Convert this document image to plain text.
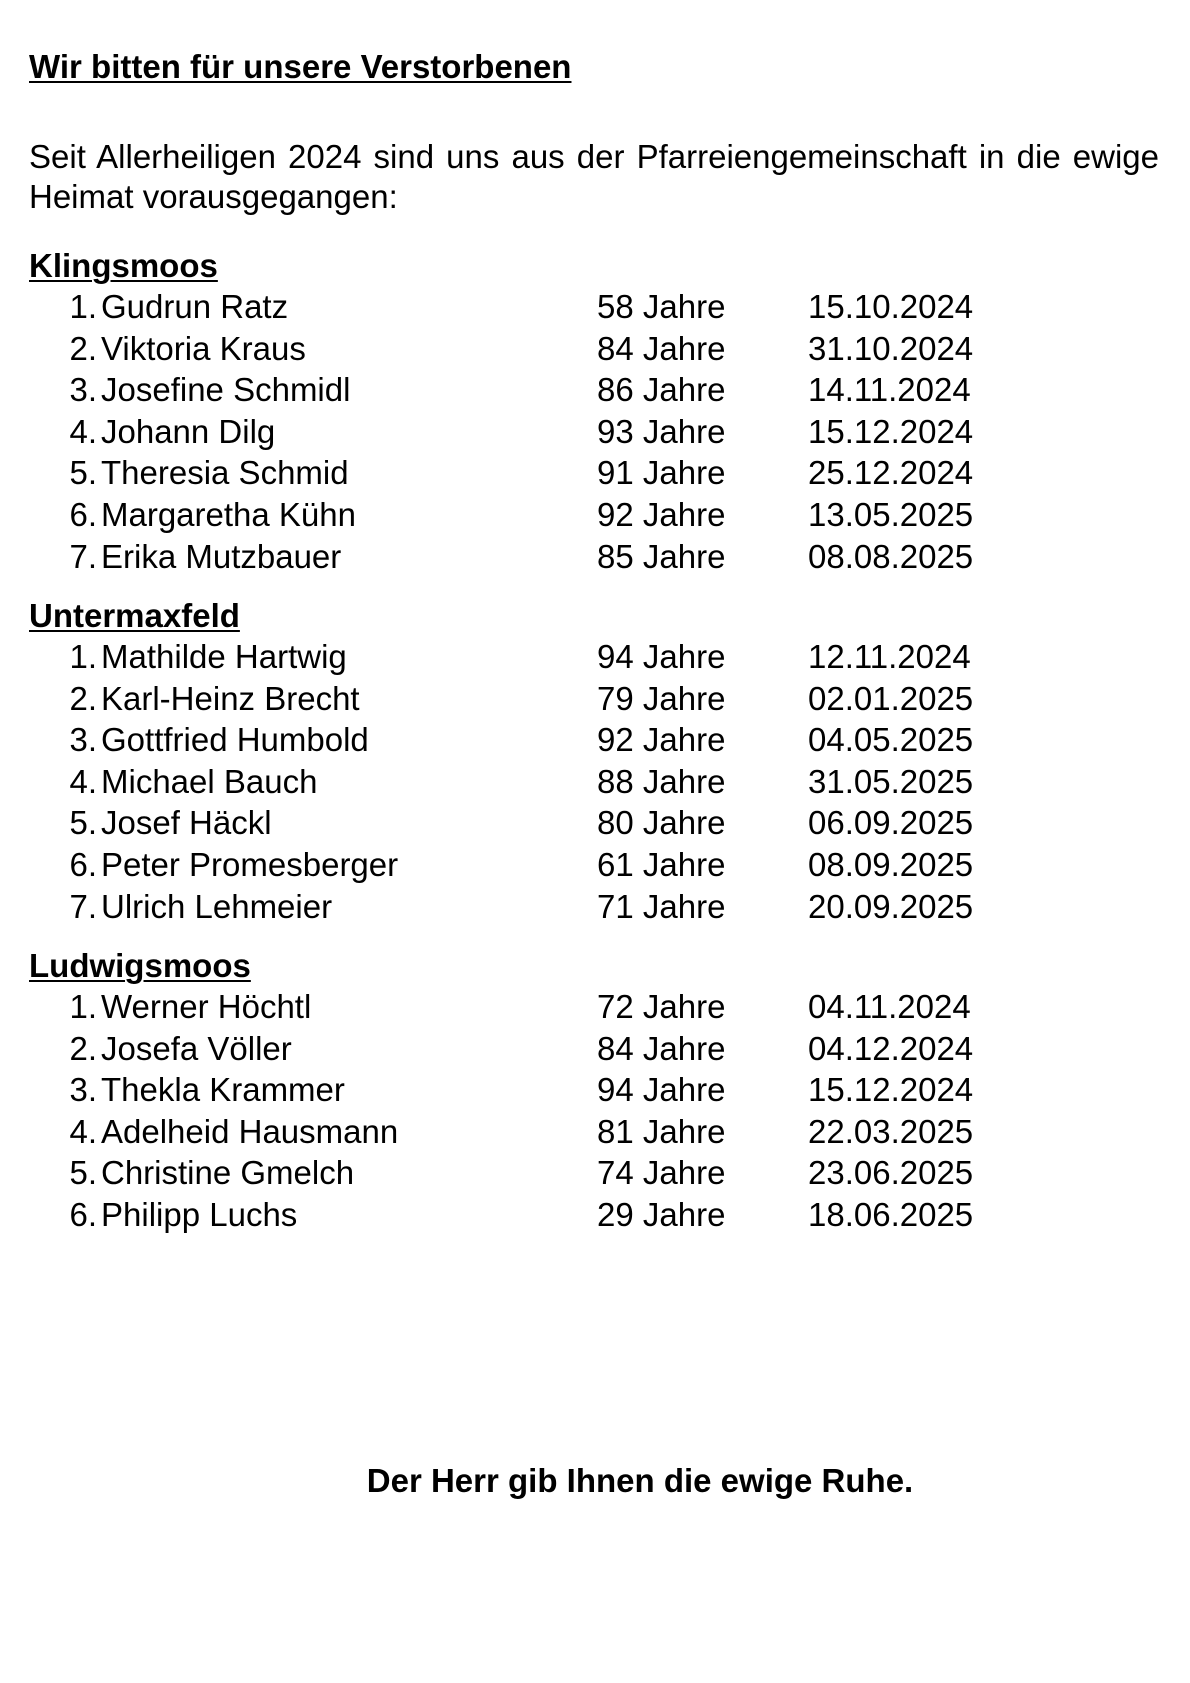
Wir bitten für unsere Verstorbenen
Seit Allerheiligen 2024 sind uns aus der Pfarreiengemeinschaft in die ewige Heimat vorausgegangen:
Klingsmoos
1. Gudrun Ratz	58 Jahre	15.10.2024
2. Viktoria Kraus	84 Jahre	31.10.2024
3. Josefine Schmidl	86 Jahre	14.11.2024
4. Johann Dilg	93 Jahre	15.12.2024
5. Theresia Schmid	91 Jahre	25.12.2024
6. Margaretha Kühn	92 Jahre	13.05.2025
7. Erika Mutzbauer	85 Jahre	08.08.2025
Untermaxfeld
1. Mathilde Hartwig	94 Jahre	12.11.2024
2. Karl-Heinz Brecht	79 Jahre	02.01.2025
3. Gottfried Humbold	92 Jahre	04.05.2025
4. Michael Bauch	88 Jahre	31.05.2025
5. Josef Häckl	80 Jahre	06.09.2025
6. Peter Promesberger	61 Jahre	08.09.2025
7. Ulrich Lehmeier	71 Jahre	20.09.2025
Ludwigsmoos
1. Werner Höchtl	72 Jahre	04.11.2024
2. Josefa Völler	84 Jahre	04.12.2024
3. Thekla Krammer	94 Jahre	15.12.2024
4. Adelheid Hausmann	81 Jahre	22.03.2025
5. Christine Gmelch	74 Jahre	23.06.2025
6. Philipp Luchs	29 Jahre	18.06.2025
Der Herr gib Ihnen die ewige Ruhe.
